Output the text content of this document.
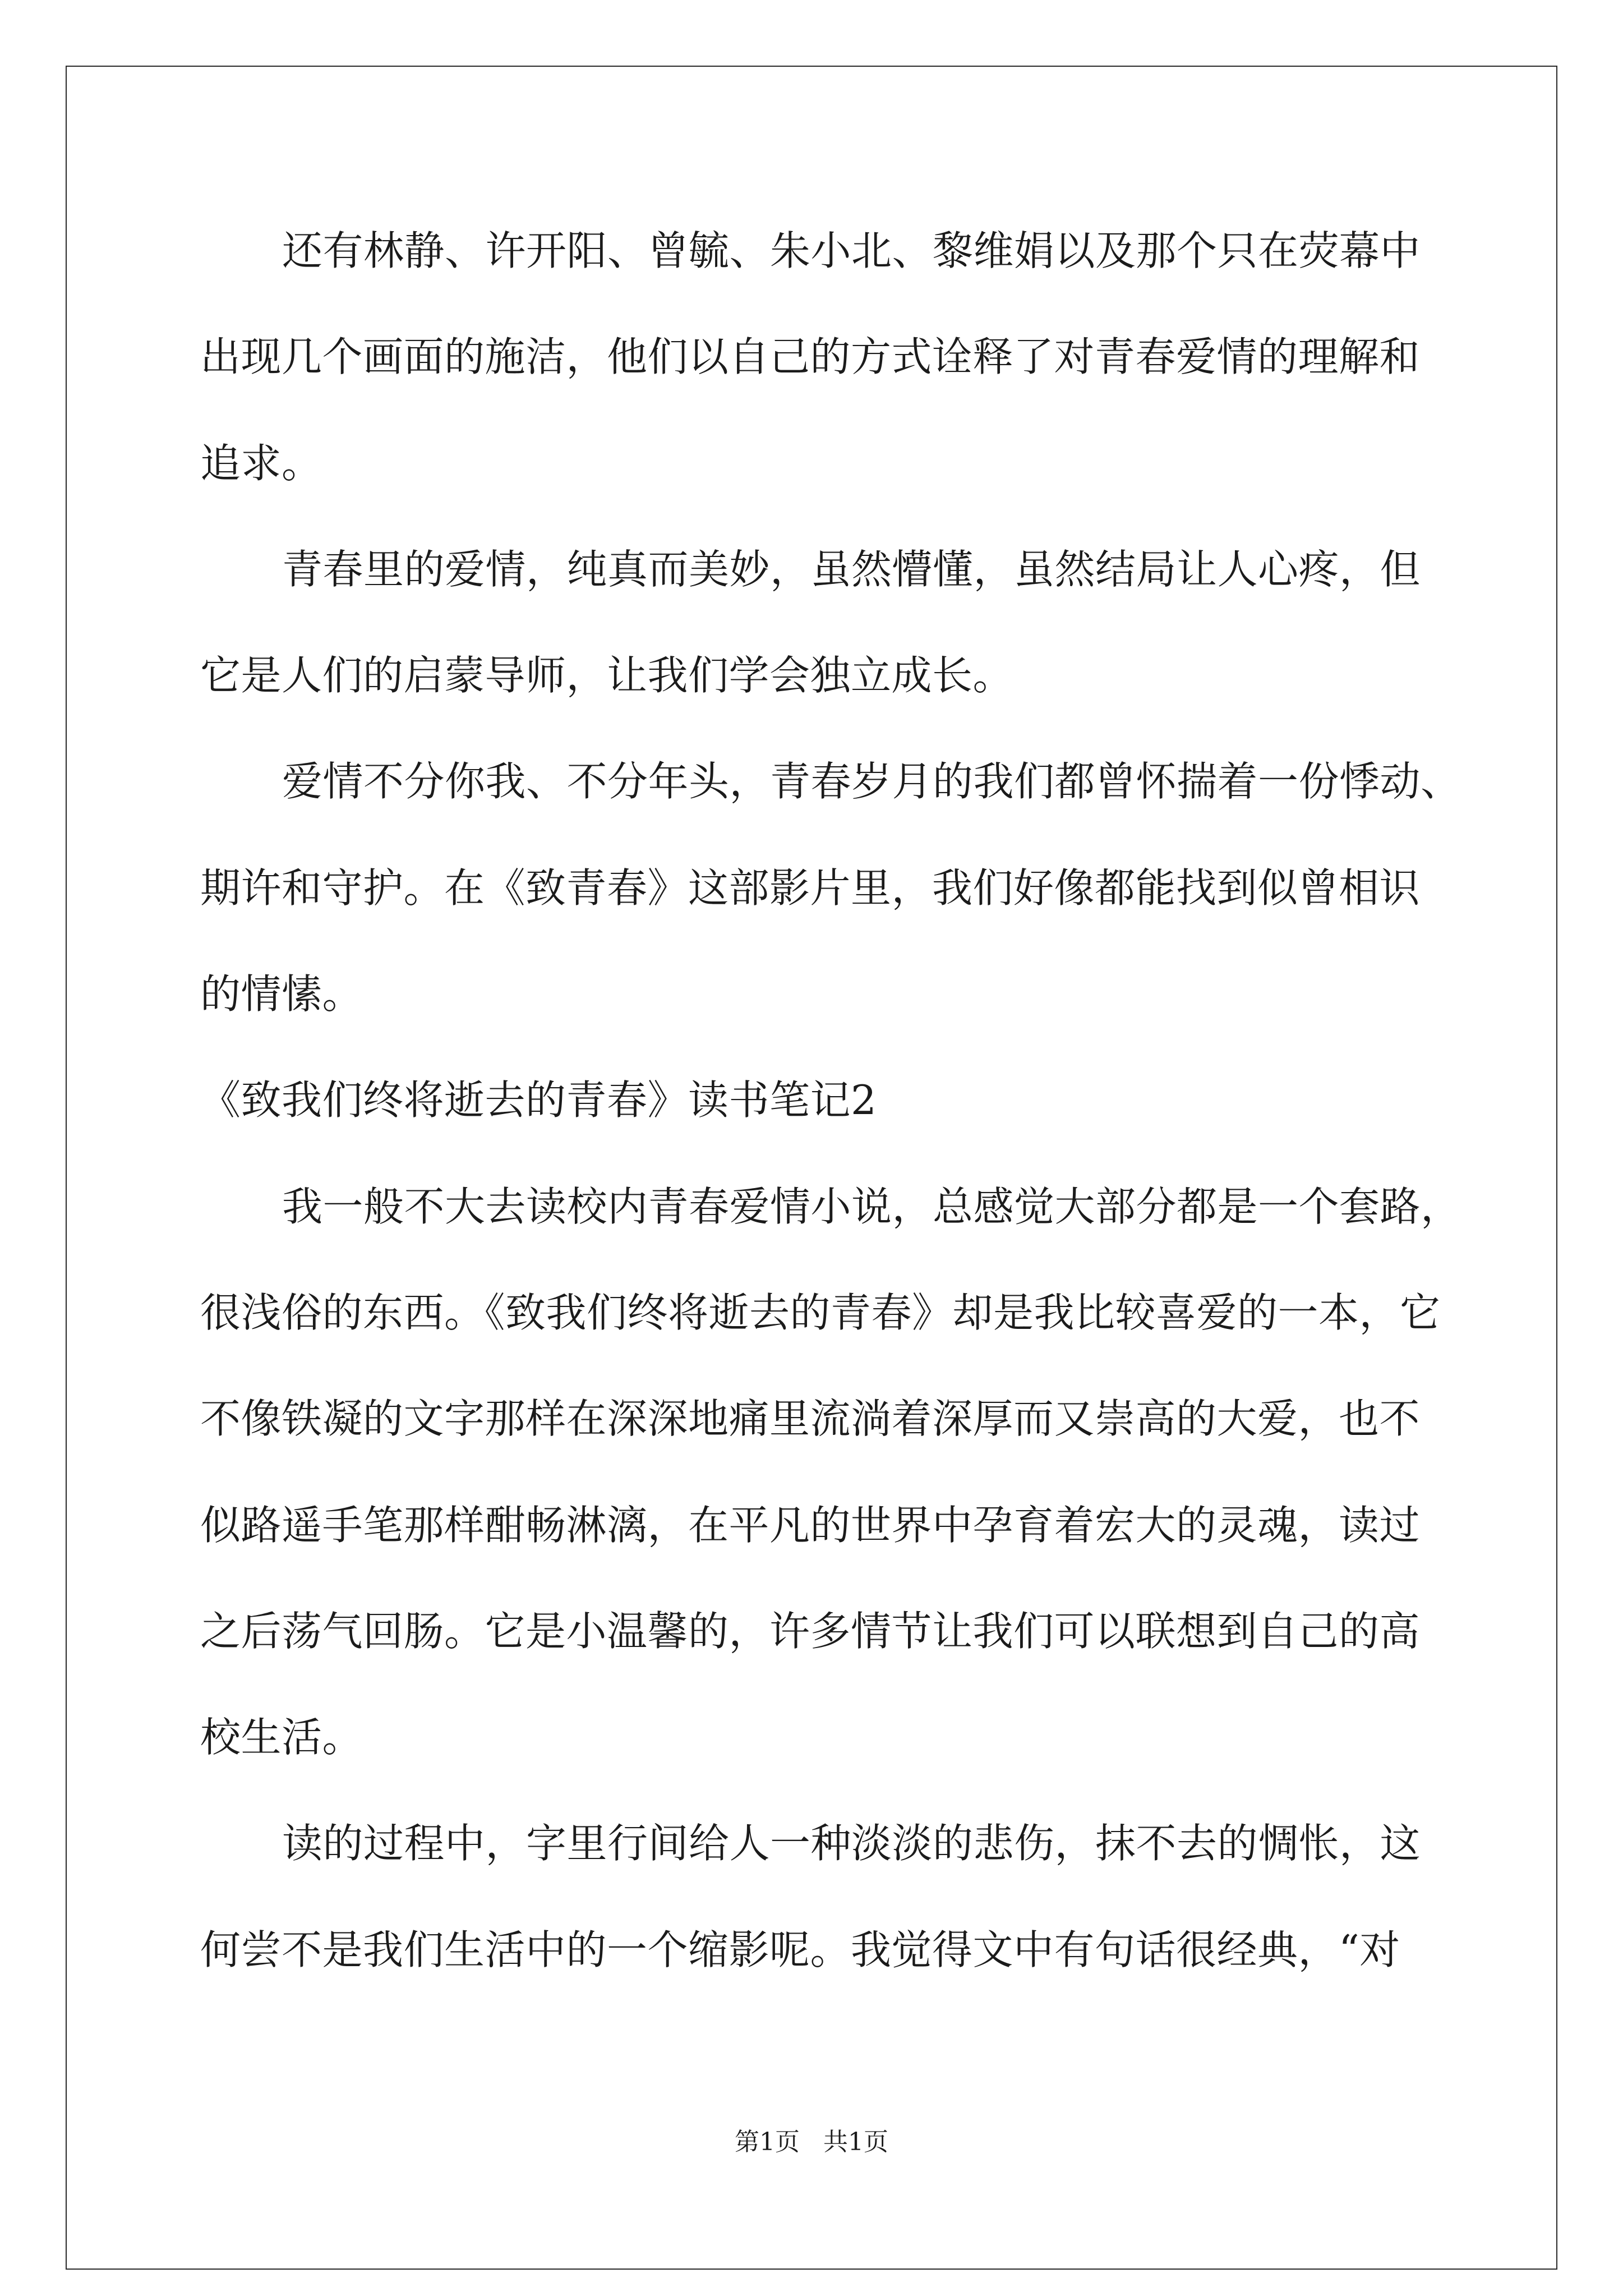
还有林静、许开阳、曾毓、朱小北、黎维娟以及那个只在荧幕中
出现几个画面的施洁，他们以自己的方式诠释了对青春爱情的理解和
追求。
青春里的爱情，纯真而美妙，虽然懵懂，虽然结局让人心疼，但
它是人们的启蒙导师，让我们学会独立成长。
爱情不分你我、不分年头，青春岁月的我们都曾怀揣着一份悸动、
期许和守护。在《致青春》这部影片里，我们好像都能找到似曾相识
的情愫。
《致我们终将逝去的青春》读书笔记2
我一般不大去读校内青春爱情小说，总感觉大部分都是一个套路，
很浅俗的东西。《致我们终将逝去的青春》却是我比较喜爱的一本，它
不像铁凝的文字那样在深深地痛里流淌着深厚而又崇高的大爱，也不
似路遥手笔那样酣畅淋漓，在平凡的世界中孕育着宏大的灵魂，读过
之后荡气回肠。它是小温馨的，许多情节让我们可以联想到自己的高
校生活。
读的过程中，字里行间给人一种淡淡的悲伤，抹不去的惆怅，这
何尝不是我们生活中的一个缩影呢。我觉得文中有句话很经典，“对
第1页 共1页
